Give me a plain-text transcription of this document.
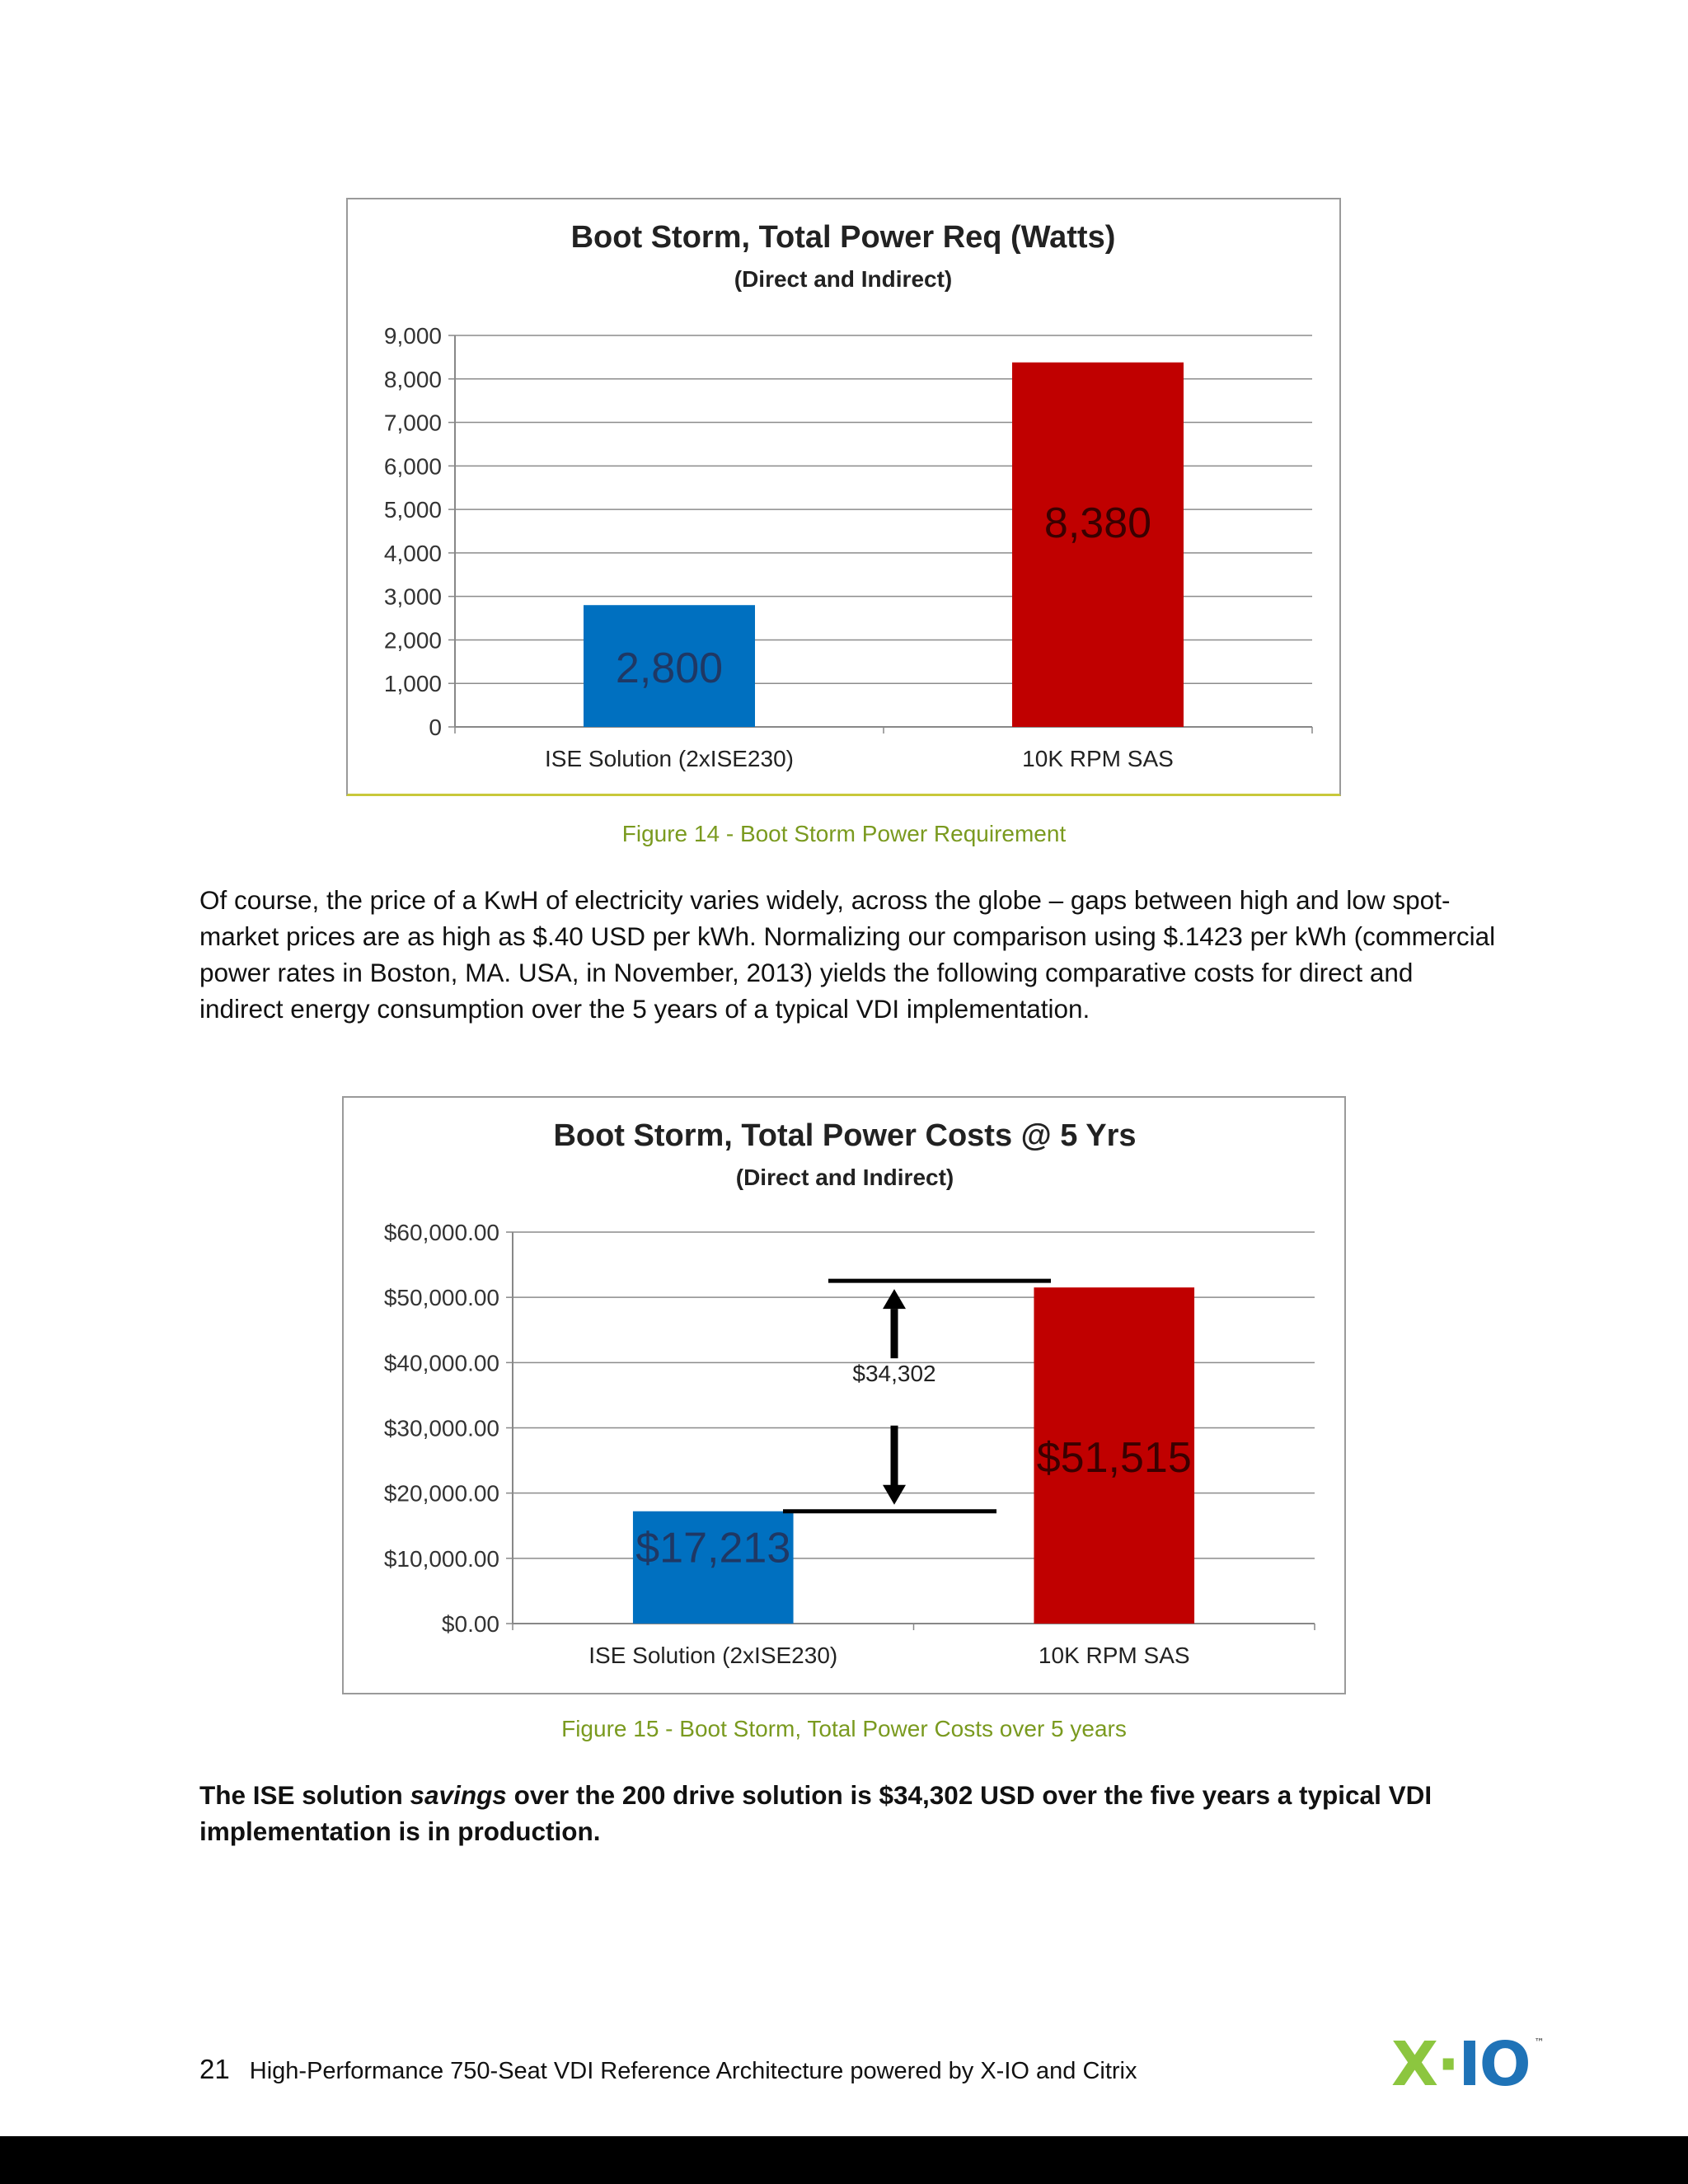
Boot Storm, Total Power Req (Watts)
(Direct and Indirect)
0
1,000
2,000
3,000
4,000
5,000
6,000
7,000
8,000
9,000
ISE Solution (2xISE230)
2,800
10K RPM SAS
8,380
Figure 14 - Boot Storm Power Requirement
Of course, the price of a KwH of electricity varies widely, across the globe – gaps between high and low spot-market prices are as high as $.40 USD per kWh. Normalizing our comparison using $.1423 per kWh (commercial power rates in Boston, MA. USA, in November, 2013) yields the following comparative costs for direct and indirect energy consumption over the 5 years of a typical VDI implementation.
Boot Storm, Total Power Costs @ 5 Yrs
(Direct and Indirect)
$0.00
$10,000.00
$20,000.00
$30,000.00
$40,000.00
$50,000.00
$60,000.00
ISE Solution (2xISE230)
$17,213
10K RPM SAS
$51,515
$34,302
Figure 15 - Boot Storm, Total Power Costs over 5 years
The ISE solution savings over the 200 drive solution is $34,302 USD over the five years a typical VDI implementation is in production.
21 High-Performance 750-Seat VDI Reference Architecture powered by X-IO and Citrix	X·IO ™
